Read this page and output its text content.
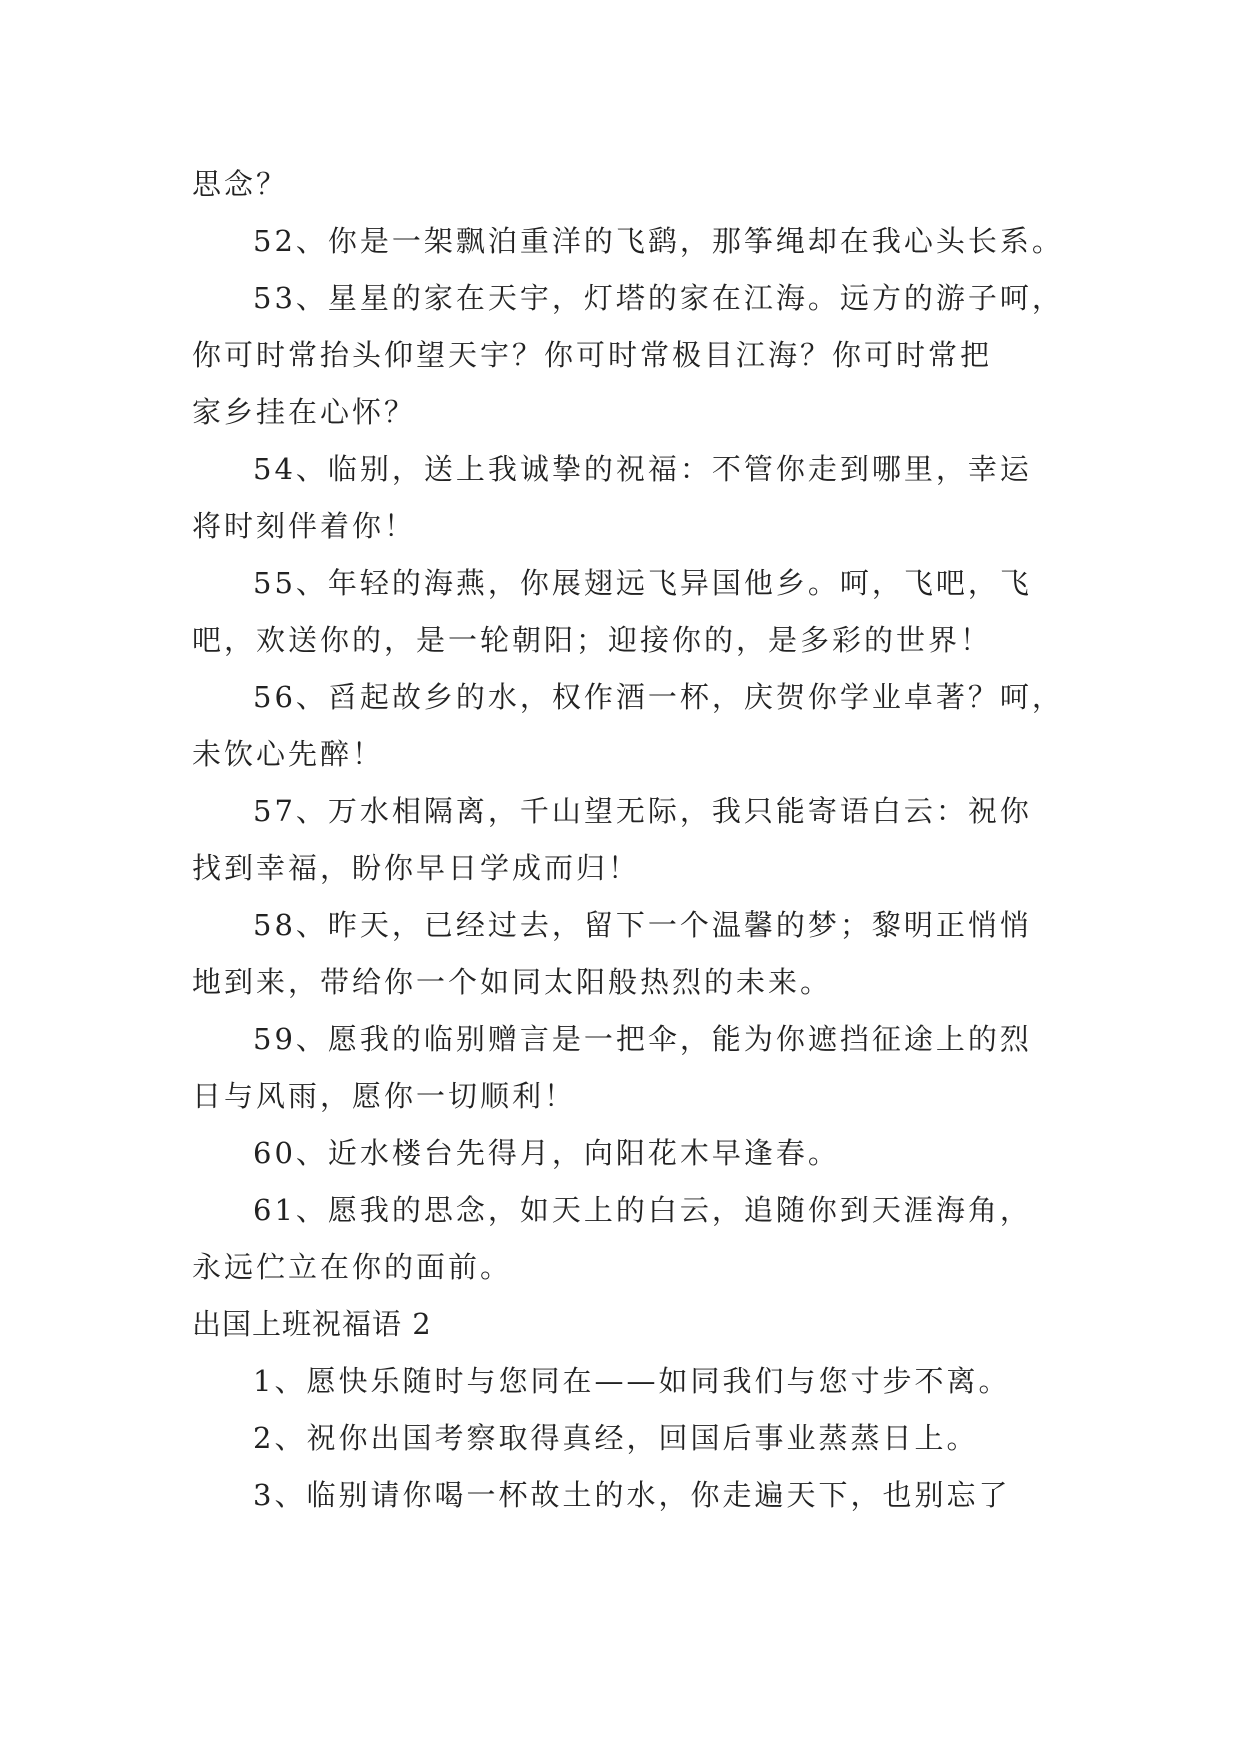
思念？
52、你是一架飘泊重洋的飞鹞，那筝绳却在我心头长系。
53、星星的家在天宇，灯塔的家在江海。远方的游子呵，
你可时常抬头仰望天宇？你可时常极目江海？你可时常把
家乡挂在心怀？
54、临别，送上我诚挚的祝福：不管你走到哪里，幸运
将时刻伴着你！
55、年轻的海燕，你展翅远飞异国他乡。呵，飞吧，飞
吧，欢送你的，是一轮朝阳；迎接你的，是多彩的世界！
56、舀起故乡的水，权作酒一杯，庆贺你学业卓著？呵，
未饮心先醉！
57、万水相隔离，千山望无际，我只能寄语白云：祝你
找到幸福，盼你早日学成而归！
58、昨天，已经过去，留下一个温馨的梦；黎明正悄悄
地到来，带给你一个如同太阳般热烈的未来。
59、愿我的临别赠言是一把伞，能为你遮挡征途上的烈
日与风雨，愿你一切顺利！
60、近水楼台先得月，向阳花木早逢春。
61、愿我的思念，如天上的白云，追随你到天涯海角，
永远伫立在你的面前。
出国上班祝福语 2
1、愿快乐随时与您同在——如同我们与您寸步不离。
2、祝你出国考察取得真经，回国后事业蒸蒸日上。
3、临别请你喝一杯故土的水，你走遍天下，也别忘了
